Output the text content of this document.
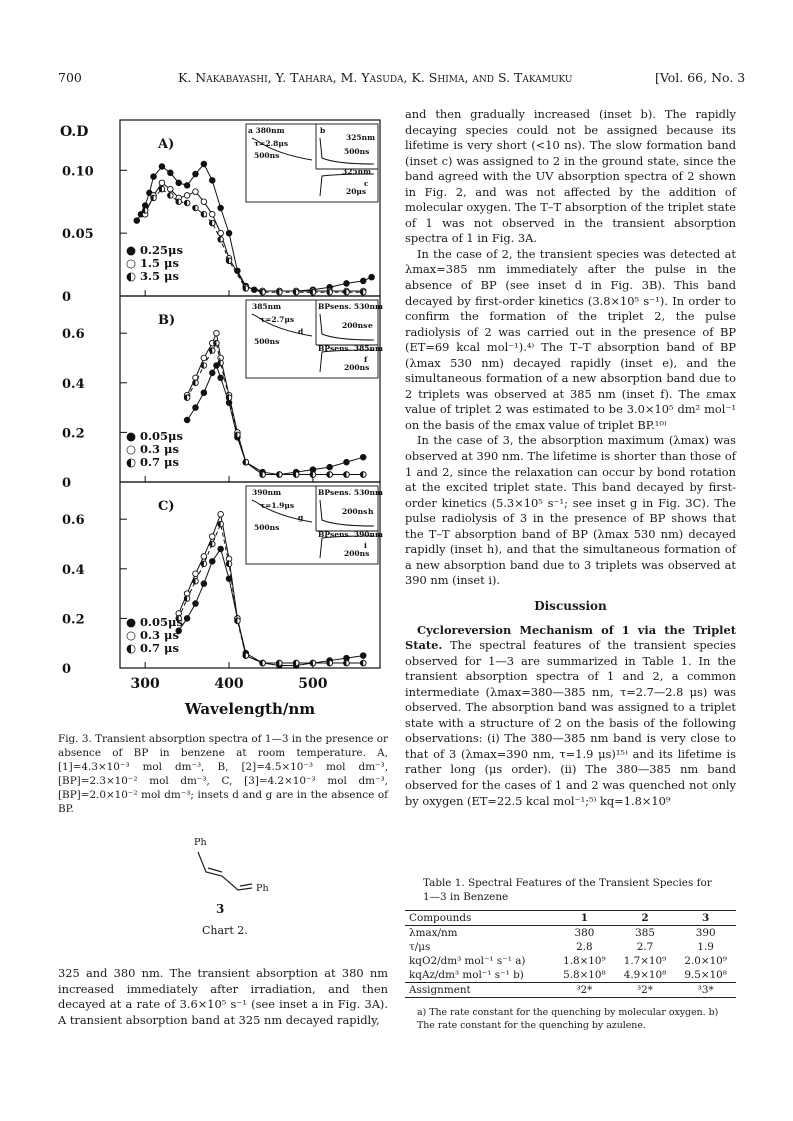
700	K. Nakabayashi, Y. Tahara, M. Yasuda, K. Shima, and S. Takamuku	[Vol. 66, No. 3
O.D
0.10
0.05
0
A)
● 0.25μs
○ 1.5 μs
◐ 3.5 μs
a 380nm
τ=2.8μs
500ns
b
325nm
500ns
325nm
c
20μs
0.6
0.4
0.2
0
B)
● 0.05μs
○ 0.3 μs
◐ 0.7 μs
385nm	BPsens. 530nm
τ=2.7μs
d
500ns
200ns e
BPsens. 385nm
f
200ns
0.6
0.4
0.2
0
C)
● 0.05μs
○ 0.3 μs
◐ 0.7 μs
390nm	BPsens. 530nm
τ=1.9μs
g
500ns
200ns h
BPsens. 390nm
i
200ns
300	400	500
Wavelength/nm
Fig. 3. Transient absorption spectra of 1—3 in the presence or absence of BP in benzene at room temperature. A, [1]=4.3×10⁻³ mol dm⁻³, B, [2]=4.5×10⁻³ mol dm⁻³, [BP]=2.3×10⁻² mol dm⁻³, C, [3]=4.2×10⁻³ mol dm⁻³, [BP]=2.0×10⁻² mol dm⁻³; insets d and g are in the absence of BP.
Ph
Ph
3
Chart 2.

325 and 380 nm. The transient absorption at 380 nm increased immediately after irradiation, and then decayed at a rate of 3.6×10⁵ s⁻¹ (see inset a in Fig. 3A). A transient absorption band at 325 nm decayed rapidly,

and then gradually increased (inset b). The rapidly decaying species could not be assigned because its lifetime is very short (<10 ns). The slow formation band (inset c) was assigned to 2 in the ground state, since the band agreed with the UV absorption spectra of 2 shown in Fig. 2, and was not affected by the addition of molecular oxygen. The T–T absorption of the triplet state of 1 was not observed in the transient absorption spectra of 1 in Fig. 3A.

In the case of 2, the transient species was detected at λmax=385 nm immediately after the pulse in the absence of BP (see inset d in Fig. 3B). This band decayed by first-order kinetics (3.8×10⁵ s⁻¹). In order to confirm the formation of the triplet 2, the pulse radiolysis of 2 was carried out in the presence of BP (ET=69 kcal mol⁻¹).⁴⁾ The T–T absorption band of BP (λmax 530 nm) decayed rapidly (inset e), and the simultaneous formation of a new absorption band due to 2 triplets was observed at 385 nm (inset f). The εmax value of triplet 2 was estimated to be 3.0×10⁵ dm² mol⁻¹ on the basis of the εmax value of triplet BP.¹⁰⁾

In the case of 3, the absorption maximum (λmax) was observed at 390 nm. The lifetime is shorter than those of 1 and 2, since the relaxation can occur by bond rotation at the excited triplet state. This band decayed by first-order kinetics (5.3×10⁵ s⁻¹; see inset g in Fig. 3C). The pulse radiolysis of 3 in the presence of BP shows that the T–T absorption band of BP (λmax 530 nm) decayed rapidly (inset h), and that the simultaneous formation of a new absorption band due to 3 triplets was observed at 390 nm (inset i).

Discussion

Cycloreversion Mechanism of 1 via the Triplet State. The spectral features of the transient species observed for 1—3 are summarized in Table 1. In the transient absorption spectra of 1 and 2, a common intermediate (λmax=380—385 nm, τ=2.7—2.8 μs) was observed. The absorption band was assigned to a triplet state with a structure of 2 on the basis of the following observations: (i) The 380—385 nm band is very close to that of 3 (λmax=390 nm, τ=1.9 μs)¹⁵⁾ and its lifetime is rather long (μs order). (ii) The 380—385 nm band observed for the cases of 1 and 2 was quenched not only by oxygen (ET=22.5 kcal mol⁻¹;⁵⁾ kq=1.8×10⁹

Table 1. Spectral Features of the Transient Species for 1—3 in Benzene
Compounds	1	2	3
λmax/nm	380	385	390
τ/μs	2.8	2.7	1.9
kqO2/dm³ mol⁻¹ s⁻¹ a)	1.8×10⁹	1.7×10⁹	2.0×10⁹
kqAz/dm³ mol⁻¹ s⁻¹ b)	5.8×10⁸	4.9×10⁸	9.5×10⁸
Assignment	³2*	³2*	³3*
a) The rate constant for the quenching by molecular oxygen. b) The rate constant for the quenching by azulene.
